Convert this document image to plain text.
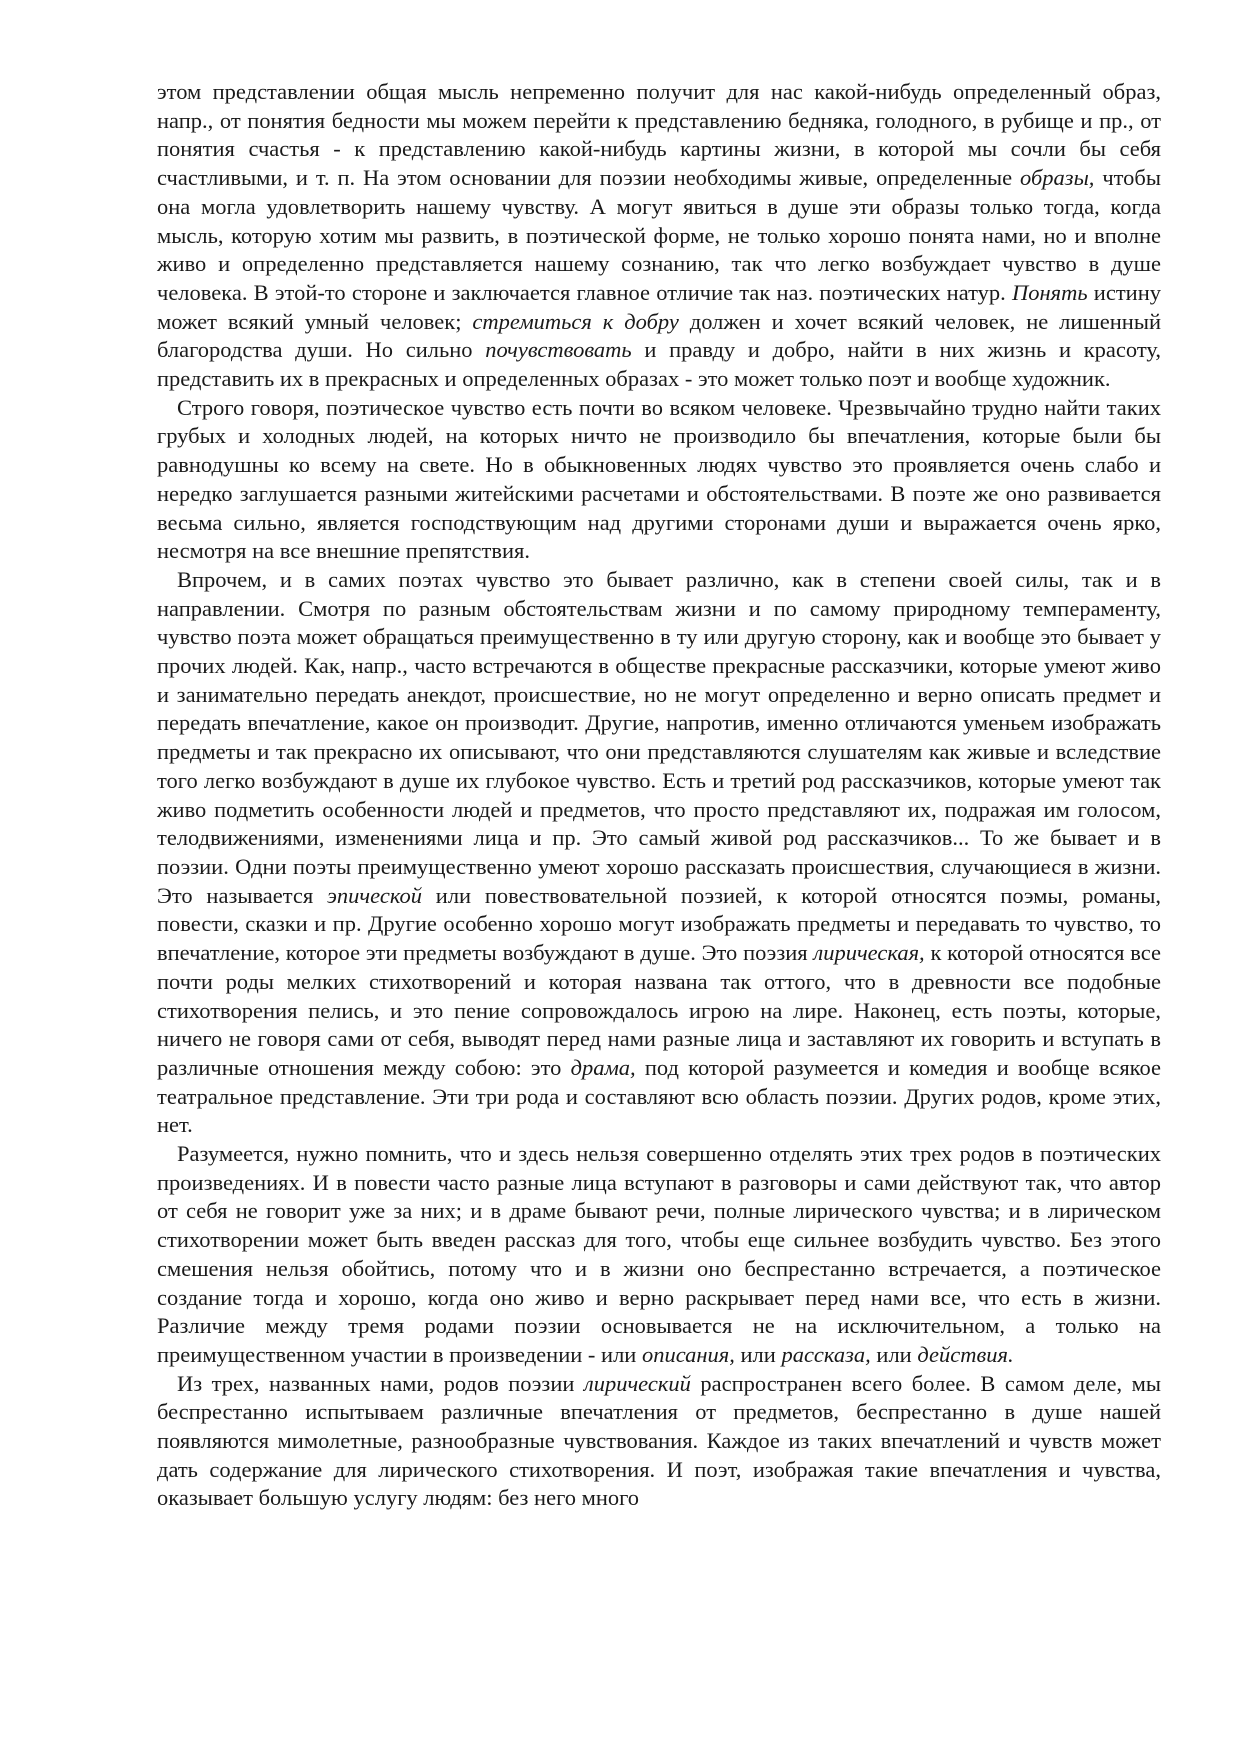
этом представлении общая мысль непременно получит для нас какой-нибудь определенный образ, напр., от понятия бедности мы можем перейти к представлению бедняка, голодного, в рубище и пр., от понятия счастья - к представлению какой-нибудь картины жизни, в которой мы сочли бы себя счастливыми, и т. п. На этом основании для поэзии необходимы живые, определенные образы, чтобы она могла удовлетворить нашему чувству. А могут явиться в душе эти образы только тогда, когда мысль, которую хотим мы развить, в поэтической форме, не только хорошо понята нами, но и вполне живо и определенно представляется нашему сознанию, так что легко возбуждает чувство в душе человека. В этой-то стороне и заключается главное отличие так наз. поэтических натур. Понять истину может всякий умный человек; стремиться к добру должен и хочет всякий человек, не лишенный благородства души. Но сильно почувствовать и правду и добро, найти в них жизнь и красоту, представить их в прекрасных и определенных образах - это может только поэт и вообще художник.

Строго говоря, поэтическое чувство есть почти во всяком человеке. Чрезвычайно трудно найти таких грубых и холодных людей, на которых ничто не производило бы впечатления, которые были бы равнодушны ко всему на свете. Но в обыкновенных людях чувство это проявляется очень слабо и нередко заглушается разными житейскими расчетами и обстоятельствами. В поэте же оно развивается весьма сильно, является господствующим над другими сторонами души и выражается очень ярко, несмотря на все внешние препятствия.

Впрочем, и в самих поэтах чувство это бывает различно, как в степени своей силы, так и в направлении. Смотря по разным обстоятельствам жизни и по самому природному темпераменту, чувство поэта может обращаться преимущественно в ту или другую сторону, как и вообще это бывает у прочих людей. Как, напр., часто встречаются в обществе прекрасные рассказчики, которые умеют живо и занимательно передать анекдот, происшествие, но не могут определенно и верно описать предмет и передать впечатление, какое он производит. Другие, напротив, именно отличаются уменьем изображать предметы и так прекрасно их описывают, что они представляются слушателям как живые и вследствие того легко возбуждают в душе их глубокое чувство. Есть и третий род рассказчиков, которые умеют так живо подметить особенности людей и предметов, что просто представляют их, подражая им голосом, телодвижениями, изменениями лица и пр. Это самый живой род рассказчиков... То же бывает и в поэзии. Одни поэты преимущественно умеют хорошо рассказать происшествия, случающиеся в жизни. Это называется эпической или повествовательной поэзией, к которой относятся поэмы, романы, повести, сказки и пр. Другие особенно хорошо могут изображать предметы и передавать то чувство, то впечатление, которое эти предметы возбуждают в душе. Это поэзия лирическая, к которой относятся все почти роды мелких стихотворений и которая названа так оттого, что в древности все подобные стихотворения пелись, и это пение сопровождалось игрою на лире. Наконец, есть поэты, которые, ничего не говоря сами от себя, выводят перед нами разные лица и заставляют их говорить и вступать в различные отношения между собою: это драма, под которой разумеется и комедия и вообще всякое театральное представление. Эти три рода и составляют всю область поэзии. Других родов, кроме этих, нет.

Разумеется, нужно помнить, что и здесь нельзя совершенно отделять этих трех родов в поэтических произведениях. И в повести часто разные лица вступают в разговоры и сами действуют так, что автор от себя не говорит уже за них; и в драме бывают речи, полные лирического чувства; и в лирическом стихотворении может быть введен рассказ для того, чтобы еще сильнее возбудить чувство. Без этого смешения нельзя обойтись, потому что и в жизни оно беспрестанно встречается, а поэтическое создание тогда и хорошо, когда оно живо и верно раскрывает перед нами все, что есть в жизни. Различие между тремя родами поэзии основывается не на исключительном, а только на преимущественном участии в произведении - или описания, или рассказа, или действия.

Из трех, названных нами, родов поэзии лирический распространен всего более. В самом деле, мы беспрестанно испытываем различные впечатления от предметов, беспрестанно в душе нашей появляются мимолетные, разнообразные чувствования. Каждое из таких впечатлений и чувств может дать содержание для лирического стихотворения. И поэт, изображая такие впечатления и чувства, оказывает большую услугу людям: без него много
